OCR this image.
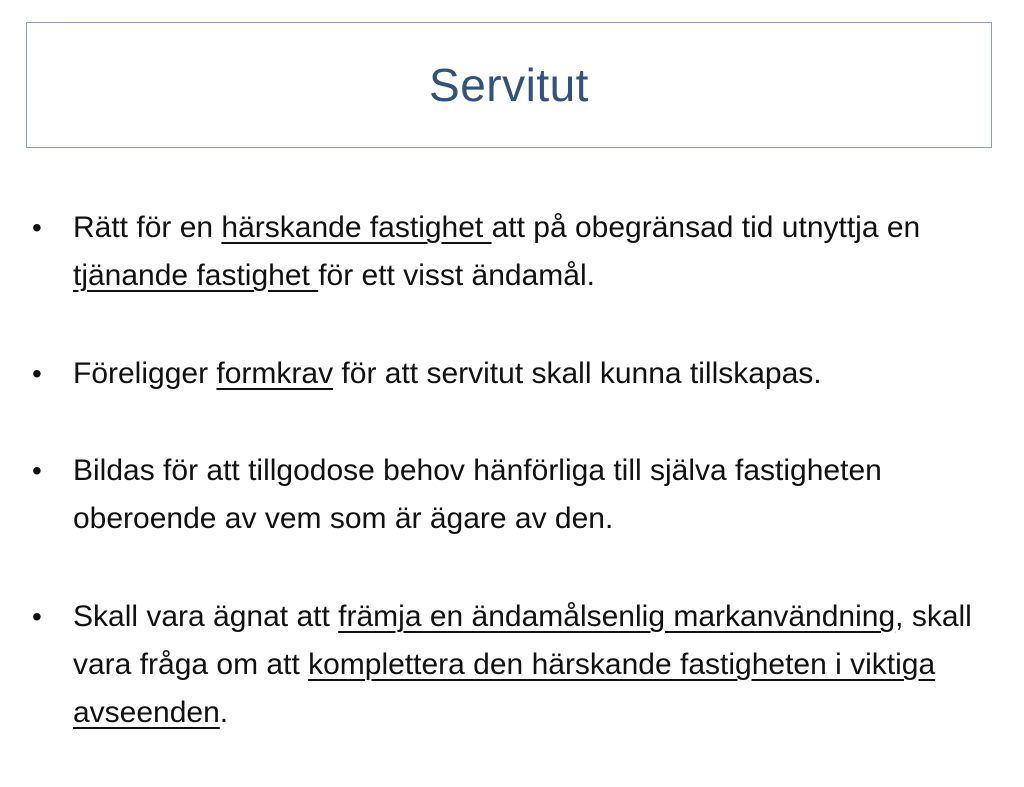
Servitut
• Rätt för en härskande fastighet att på obegränsad tid utnyttja en tjänande fastighet för ett visst ändamål.
• Föreligger formkrav för att servitut skall kunna tillskapas.
• Bildas för att tillgodose behov hänförliga till själva fastigheten oberoende av vem som är ägare av den.
• Skall vara ägnat att främja en ändamålsenlig markanvändning, skall vara fråga om att komplettera den härskande fastigheten i viktiga avseenden.
